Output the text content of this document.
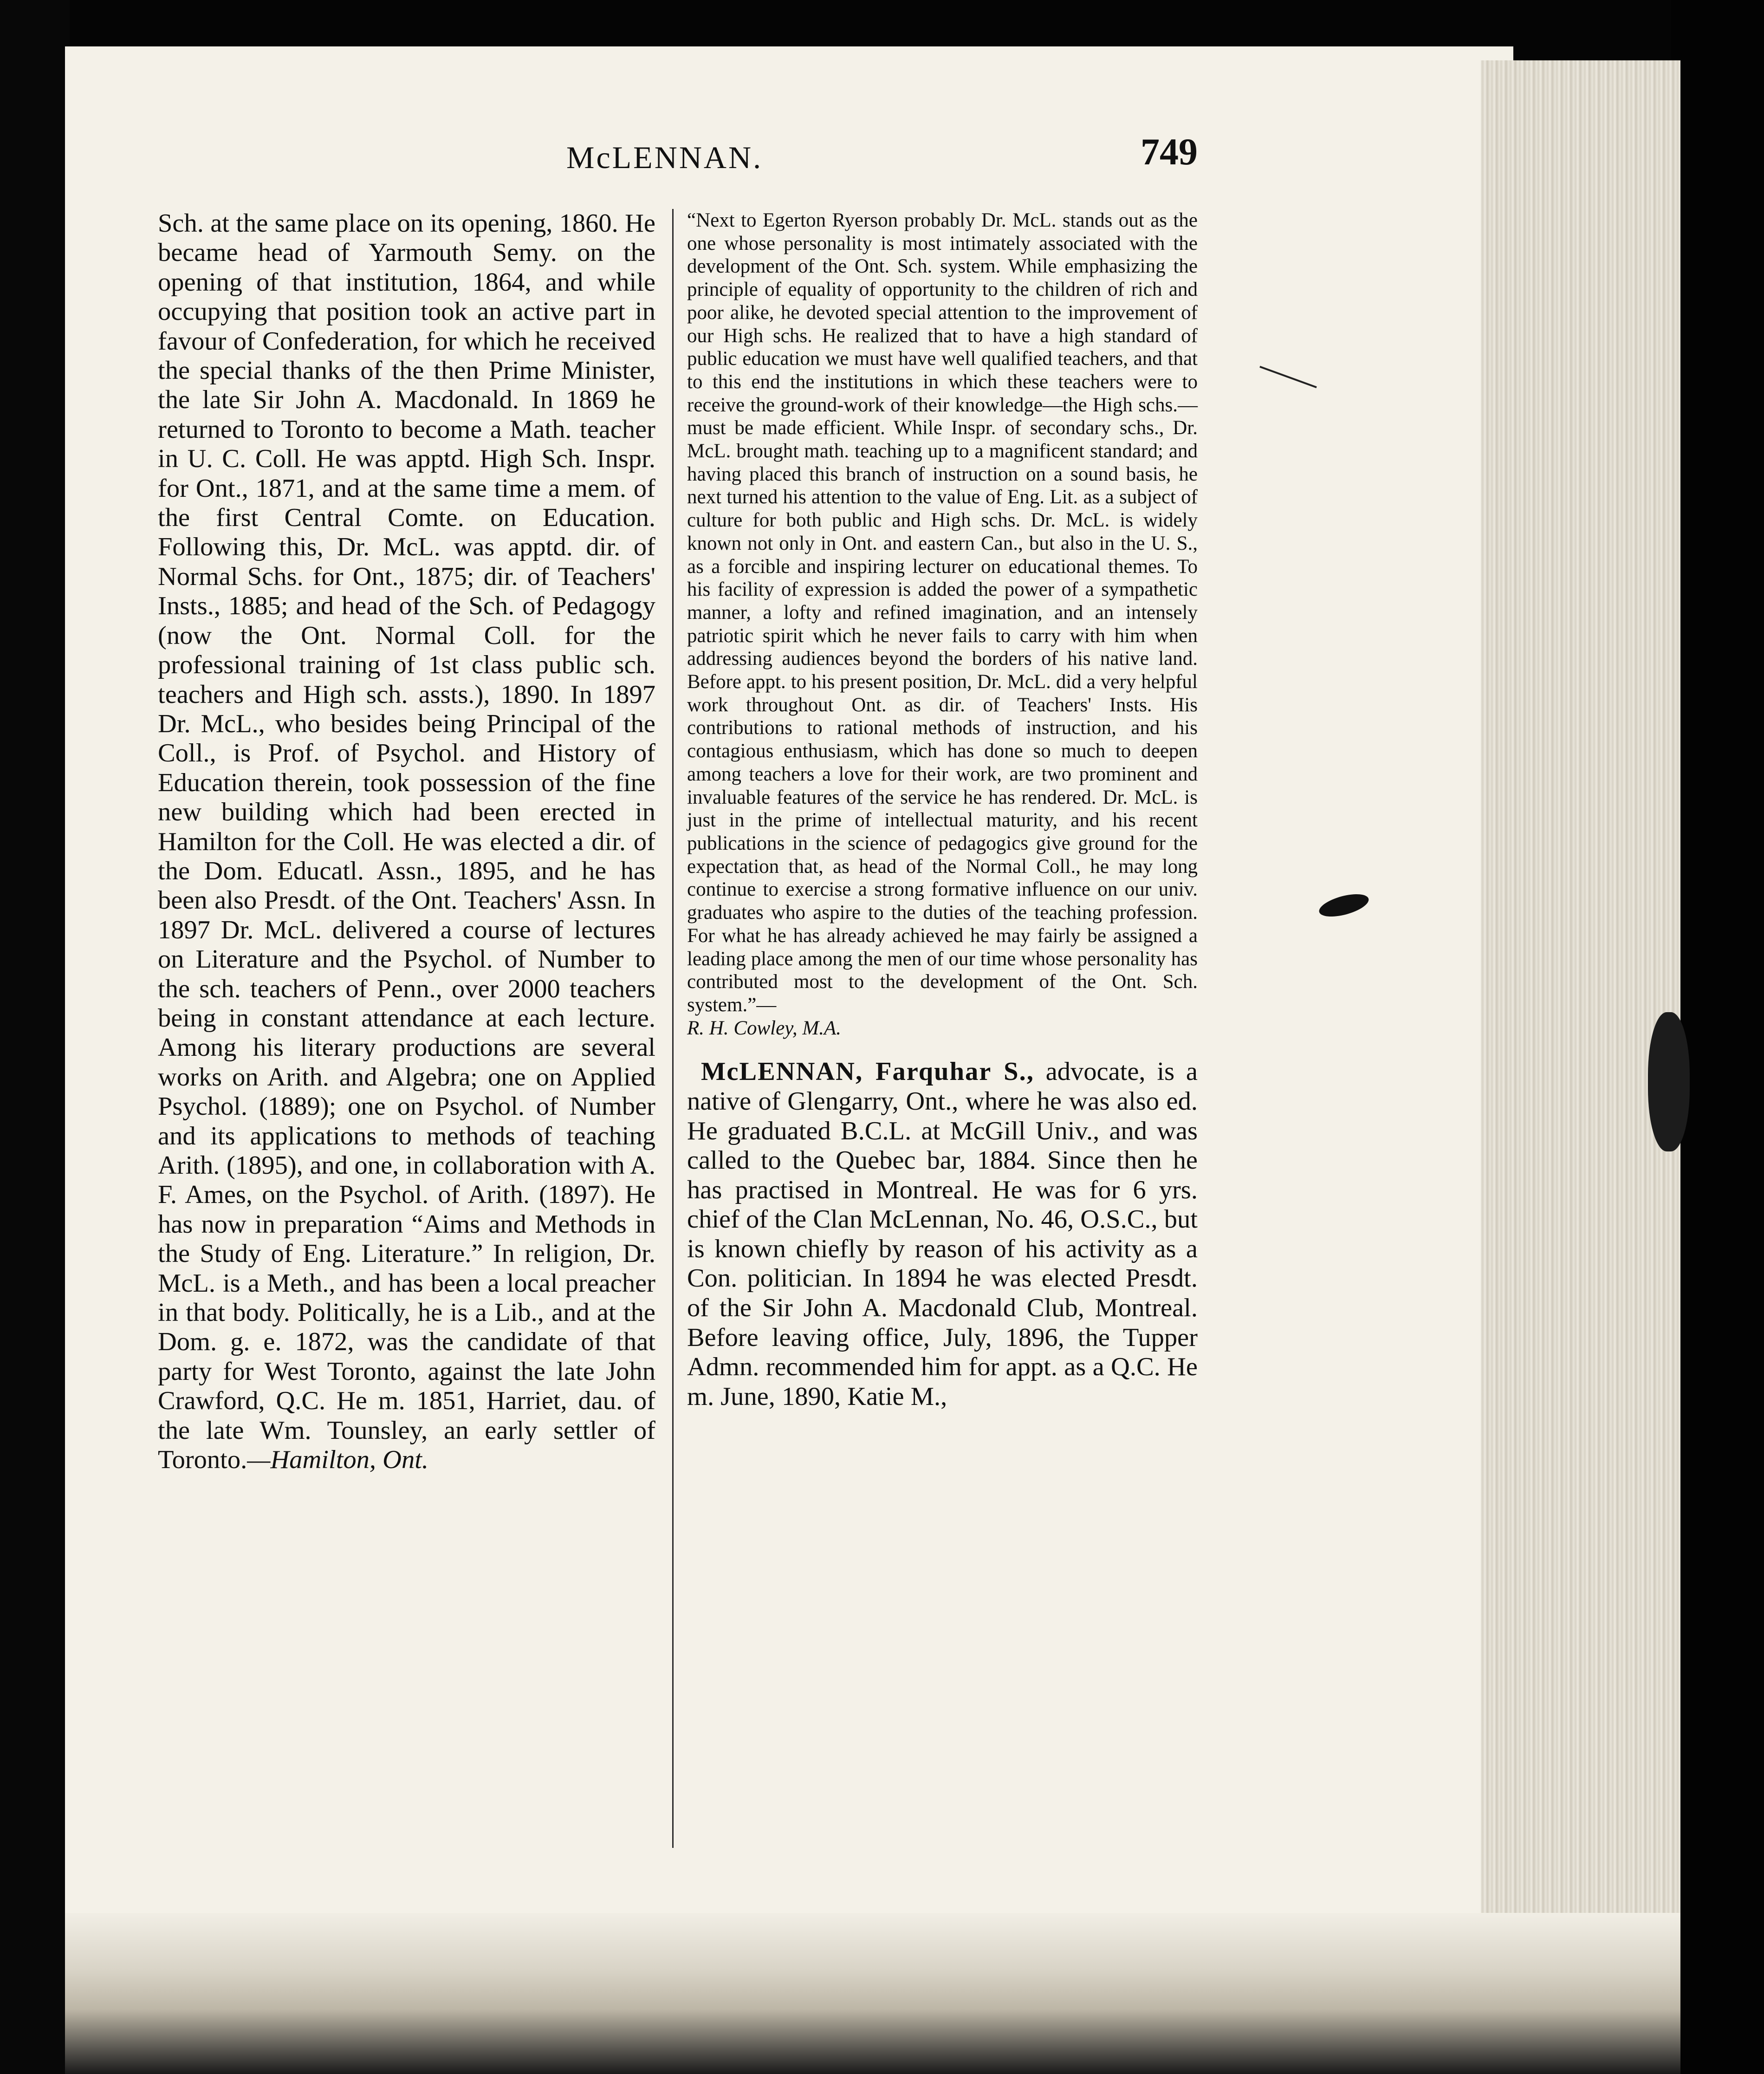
McLENNAN.	749
Sch. at the same place on its opening, 1860. He became head of Yarmouth Semy. on the opening of that institution, 1864, and while occupying that position took an active part in favour of Confederation, for which he received the special thanks of the then Prime Minister, the late Sir John A. Macdonald. In 1869 he returned to Toronto to become a Math. teacher in U. C. Coll. He was apptd. High Sch. Inspr. for Ont., 1871, and at the same time a mem. of the first Central Comte. on Education. Following this, Dr. McL. was apptd. dir. of Normal Schs. for Ont., 1875; dir. of Teachers' Insts., 1885; and head of the Sch. of Pedagogy (now the Ont. Normal Coll. for the professional training of 1st class public sch. teachers and High sch. assts.), 1890. In 1897 Dr. McL., who besides being Principal of the Coll., is Prof. of Psychol. and History of Education therein, took possession of the fine new building which had been erected in Hamilton for the Coll. He was elected a dir. of the Dom. Educatl. Assn., 1895, and he has been also Presdt. of the Ont. Teachers' Assn. In 1897 Dr. McL. delivered a course of lectures on Literature and the Psychol. of Number to the sch. teachers of Penn., over 2000 teachers being in constant attendance at each lecture. Among his literary productions are several works on Arith. and Algebra; one on Applied Psychol. (1889); one on Psychol. of Number and its applications to methods of teaching Arith. (1895), and one, in collaboration with A. F. Ames, on the Psychol. of Arith. (1897). He has now in preparation “Aims and Methods in the Study of Eng. Literature.” In religion, Dr. McL. is a Meth., and has been a local preacher in that body. Politically, he is a Lib., and at the Dom. g. e. 1872, was the candidate of that party for West Toronto, against the late John Crawford, Q.C. He m. 1851, Harriet, dau. of the late Wm. Tounsley, an early settler of Toronto.—Hamilton, Ont.

“Next to Egerton Ryerson probably Dr. McL. stands out as the one whose personality is most intimately associated with the development of the Ont. Sch. system. While emphasizing the principle of equality of opportunity to the children of rich and poor alike, he devoted special attention to the improvement of our High schs. He realized that to have a high standard of public education we must have well qualified teachers, and that to this end the institutions in which these teachers were to receive the ground-work of their knowledge—the High schs.—must be made efficient. While Inspr. of secondary schs., Dr. McL. brought math. teaching up to a magnificent standard; and having placed this branch of instruction on a sound basis, he next turned his attention to the value of Eng. Lit. as a subject of culture for both public and High schs. Dr. McL. is widely known not only in Ont. and eastern Can., but also in the U. S., as a forcible and inspiring lecturer on educational themes. To his facility of expression is added the power of a sympathetic manner, a lofty and refined imagination, and an intensely patriotic spirit which he never fails to carry with him when addressing audiences beyond the borders of his native land. Before appt. to his present position, Dr. McL. did a very helpful work throughout Ont. as dir. of Teachers' Insts. His contributions to rational methods of instruction, and his contagious enthusiasm, which has done so much to deepen among teachers a love for their work, are two prominent and invaluable features of the service he has rendered. Dr. McL. is just in the prime of intellectual maturity, and his recent publications in the science of pedagogics give ground for the expectation that, as head of the Normal Coll., he may long continue to exercise a strong formative influence on our univ. graduates who aspire to the duties of the teaching profession. For what he has already achieved he may fairly be assigned a leading place among the men of our time whose personality has contributed most to the development of the Ont. Sch. system.”—

R. H. Cowley, M.A.

McLENNAN, Farquhar S., advocate, is a native of Glengarry, Ont., where he was also ed. He graduated B.C.L. at McGill Univ., and was called to the Quebec bar, 1884. Since then he has practised in Montreal. He was for 6 yrs. chief of the Clan McLennan, No. 46, O.S.C., but is known chiefly by reason of his activity as a Con. politician. In 1894 he was elected Presdt. of the Sir John A. Macdonald Club, Montreal. Before leaving office, July, 1896, the Tupper Admn. recommended him for appt. as a Q.C. He m. June, 1890, Katie M.,
